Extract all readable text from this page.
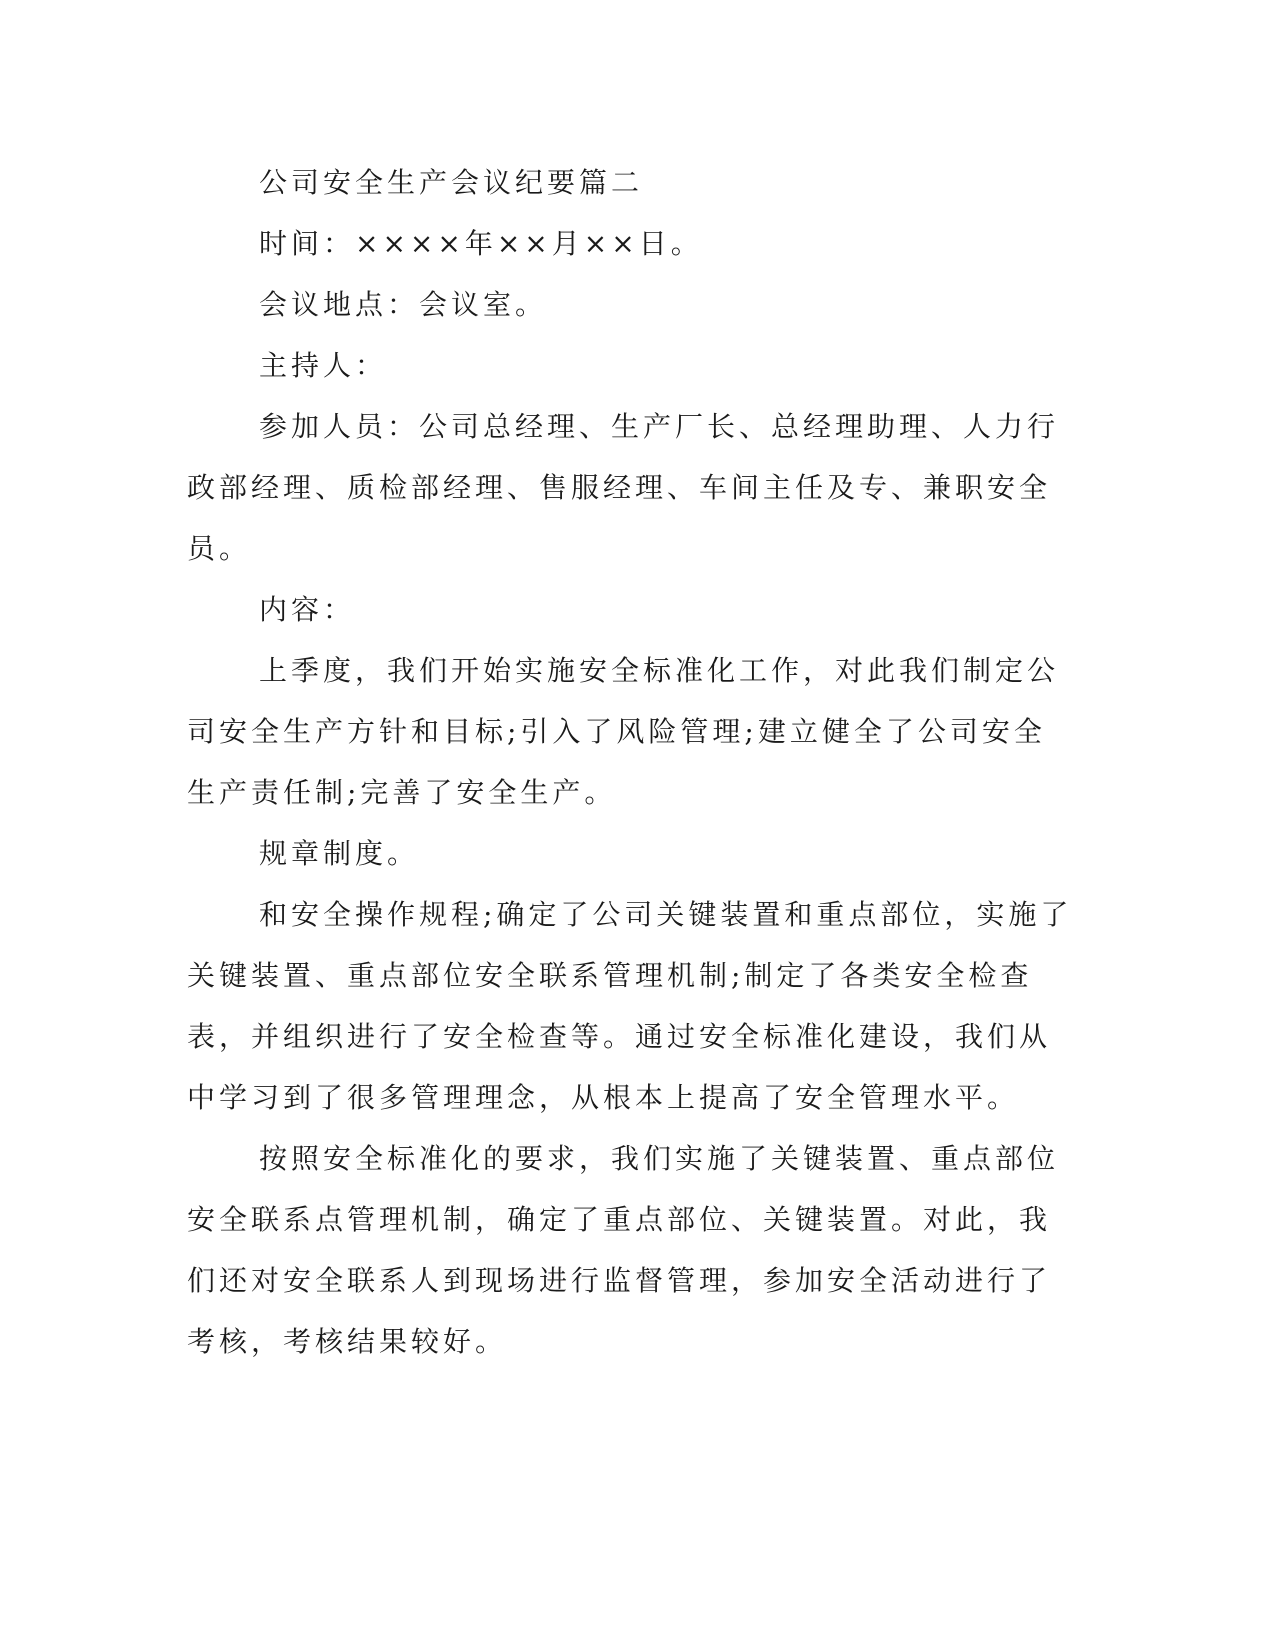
公司安全生产会议纪要篇二

时间：××××年××月××日。

会议地点：会议室。

主持人：

参加人员：公司总经理、生产厂长、总经理助理、人力行政部经理、质检部经理、售服经理、车间主任及专、兼职安全员。

内容：

上季度，我们开始实施安全标准化工作，对此我们制定公司安全生产方针和目标;引入了风险管理;建立健全了公司安全生产责任制;完善了安全生产。

规章制度。

和安全操作规程;确定了公司关键装置和重点部位，实施了关键装置、重点部位安全联系管理机制;制定了各类安全检查表，并组织进行了安全检查等。通过安全标准化建设，我们从中学习到了很多管理理念，从根本上提高了安全管理水平。

按照安全标准化的要求，我们实施了关键装置、重点部位安全联系点管理机制，确定了重点部位、关键装置。对此，我们还对安全联系人到现场进行监督管理，参加安全活动进行了考核，考核结果较好。
